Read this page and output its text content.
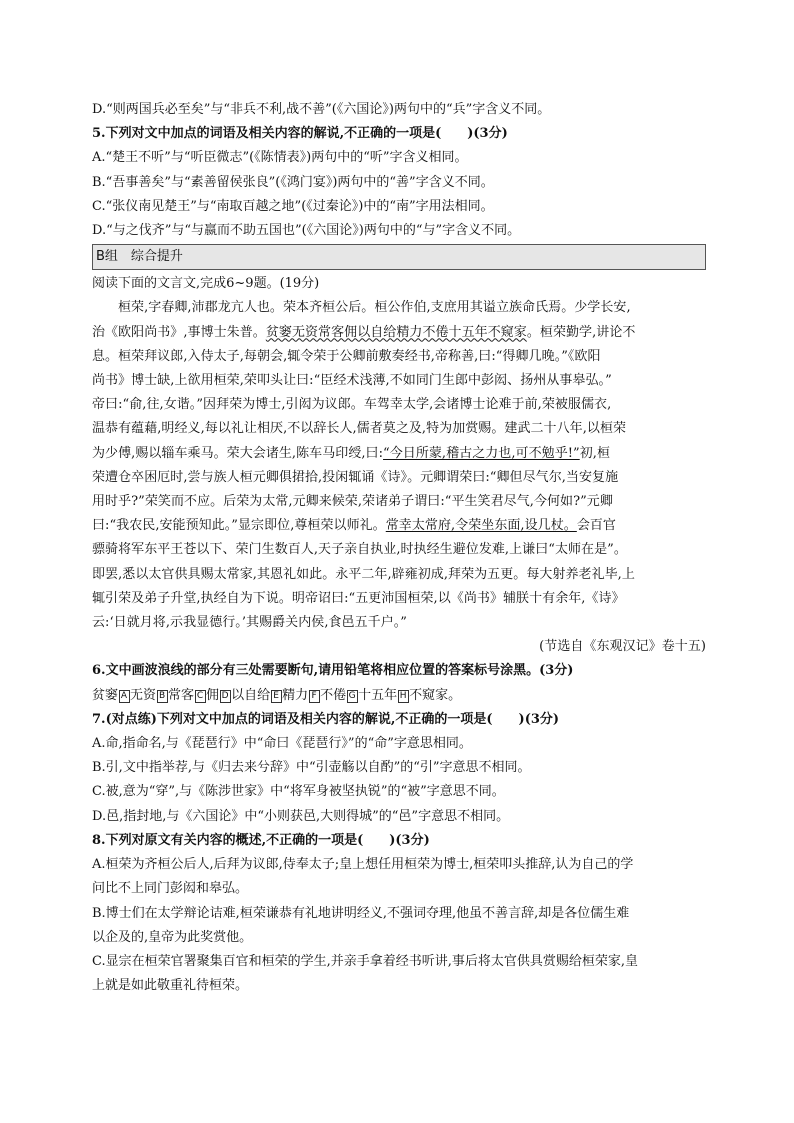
D.“则两国兵必至矣”与“非兵不利,战不善”(《六国论》)两句中的“兵”字含义不同。
5.下列对文中加点的词语及相关内容的解说,不正确的一项是(　　)(3分)
A.“楚王不听”与“听臣微志”(《陈情表》)两句中的“听”字含义相同。
B.“吾事善矣”与“素善留侯张良”(《鸿门宴》)两句中的“善”字含义不同。
C.“张仪南见楚王”与“南取百越之地”(《过秦论》)中的“南”字用法相同。
D.“与之伐齐”与“与嬴而不助五国也”(《六国论》)两句中的“与”字含义不同。
B组　综合提升
阅读下面的文言文,完成6~9题。(19分)
桓荣,字春卿,沛郡龙亢人也。荣本齐桓公后。桓公作伯,支庶用其谥立族命氏焉。少学长安,
治《欧阳尚书》,事博士朱普。贫窭无资常客佣以自给精力不倦十五年不窥家。桓荣勤学,讲论不
息。桓荣拜议郎,入侍太子,每朝会,辄令荣于公卿前敷奏经书,帝称善,曰:“得卿几晚。”《欧阳
尚书》博士缺,上欲用桓荣,荣叩头让曰:“臣经术浅薄,不如同门生郎中彭闳、扬州从事皋弘。”
帝曰:“俞,往,女谐。”因拜荣为博士,引闳为议郎。车驾幸太学,会诸博士论难于前,荣被服儒衣,
温恭有蕴藉,明经义,每以礼让相厌,不以辞长人,儒者莫之及,特为加赏赐。建武二十八年,以桓荣
为少傅,赐以辎车乘马。荣大会诸生,陈车马印绶,曰:“今日所蒙,稽古之力也,可不勉乎!”初,桓
荣遭仓卒困厄时,尝与族人桓元卿俱捃拾,投闲辄诵《诗》。元卿谓荣曰:“卿但尽气尔,当安复施
用时乎?”荣笑而不应。后荣为太常,元卿来候荣,荣诸弟子谓曰:“平生笑君尽气,今何如?”元卿
曰:“我农民,安能预知此。”显宗即位,尊桓荣以师礼。常幸太常府,令荣坐东面,设几杖。会百官
骠骑将军东平王苍以下、荣门生数百人,天子亲自执业,时执经生避位发难,上谦曰“太师在是”。
即罢,悉以太官供具赐太常家,其恩礼如此。永平二年,辟雍初成,拜荣为五更。每大射养老礼毕,上
辄引荣及弟子升堂,执经自为下说。明帝诏曰:“五更沛国桓荣,以《尚书》辅朕十有余年,《诗》
云:‘日就月将,示我显德行。’其赐爵关内侯,食邑五千户。”
(节选自《东观汉记》卷十五)
6.文中画波浪线的部分有三处需要断句,请用铅笔将相应位置的答案标号涂黑。(3分)
贫窭 A 无资 B 常客 C 佣 D 以自给 E 精力 F 不倦 G 十五年 H 不窥家。
7.(对点练)下列对文中加点的词语及相关内容的解说,不正确的一项是(　　)(3分)
A.命,指命名,与《琵琶行》中“命曰《琵琶行》”的“命”字意思相同。
B.引,文中指举荐,与《归去来兮辞》中“引壶觞以自酌”的“引”字意思不相同。
C.被,意为“穿”,与《陈涉世家》中“将军身被坚执锐”的“被”字意思不同。
D.邑,指封地,与《六国论》中“小则获邑,大则得城”的“邑”字意思不相同。
8.下列对原文有关内容的概述,不正确的一项是(　　)(3分)
A.桓荣为齐桓公后人,后拜为议郎,侍奉太子;皇上想任用桓荣为博士,桓荣叩头推辞,认为自己的学
问比不上同门彭闳和皋弘。
B.博士们在太学辩论诘难,桓荣谦恭有礼地讲明经义,不强词夺理,他虽不善言辞,却是各位儒生难
以企及的,皇帝为此奖赏他。
C.显宗在桓荣官署聚集百官和桓荣的学生,并亲手拿着经书听讲,事后将太官供具赏赐给桓荣家,皇
上就是如此敬重礼待桓荣。
